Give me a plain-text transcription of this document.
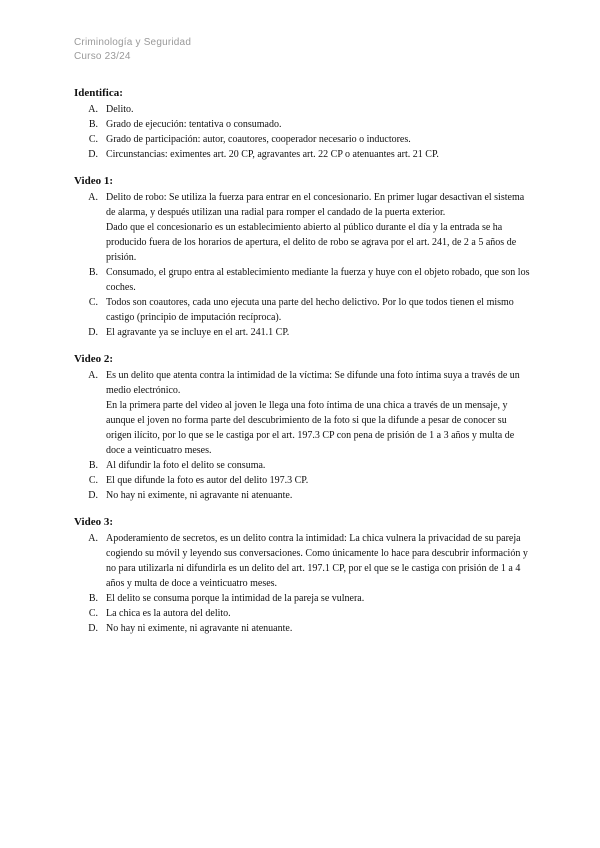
Criminología y Seguridad
Curso 23/24
Identifica:
A. Delito.

B. Grado de ejecución: tentativa o consumado.

C. Grado de participación: autor, coautores, cooperador necesario o inductores.

D. Circunstancias: eximentes art. 20 CP, agravantes art. 22 CP o atenuantes art. 21 CP.

Video 1:
A. Delito de robo: Se utiliza la fuerza para entrar en el concesionario. En primer lugar desactivan el sistema de alarma, y después utilizan una radial para romper el candado de la puerta exterior.

Dado que el concesionario es un establecimiento abierto al público durante el día y la entrada se ha producido fuera de los horarios de apertura, el delito de robo se agrava por el art. 241, de 2 a 5 años de prisión.

B. Consumado, el grupo entra al establecimiento mediante la fuerza y huye con el objeto robado, que son los coches.

C. Todos son coautores, cada uno ejecuta una parte del hecho delictivo. Por lo que todos tienen el mismo castigo (principio de imputación recíproca).

D. El agravante ya se incluye en el art. 241.1 CP.

Video 2:
A. Es un delito que atenta contra la intimidad de la víctima: Se difunde una foto íntima suya a través de un medio electrónico.

En la primera parte del video al joven le llega una foto íntima de una chica a través de un mensaje, y aunque el joven no forma parte del descubrimiento de la foto si que la difunde a pesar de conocer su origen ilícito, por lo que se le castiga por el art. 197.3 CP con pena de prisión de 1 a 3 años y multa de doce a veinticuatro meses.

B. Al difundir la foto el delito se consuma.

C. El que difunde la foto es autor del delito 197.3 CP.

D. No hay ni eximente, ni agravante ni atenuante.

Video 3:
A. Apoderamiento de secretos, es un delito contra la intimidad: La chica vulnera la privacidad de su pareja cogiendo su móvil y leyendo sus conversaciones. Como únicamente lo hace para descubrir información y no para utilizarla ni difundirla es un delito del art. 197.1 CP, por el que se le castiga con prisión de 1 a 4 años y multa de doce a veinticuatro meses.

B. El delito se consuma porque la intimidad de la pareja se vulnera.

C. La chica es la autora del delito.

D. No hay ni eximente, ni agravante ni atenuante.
